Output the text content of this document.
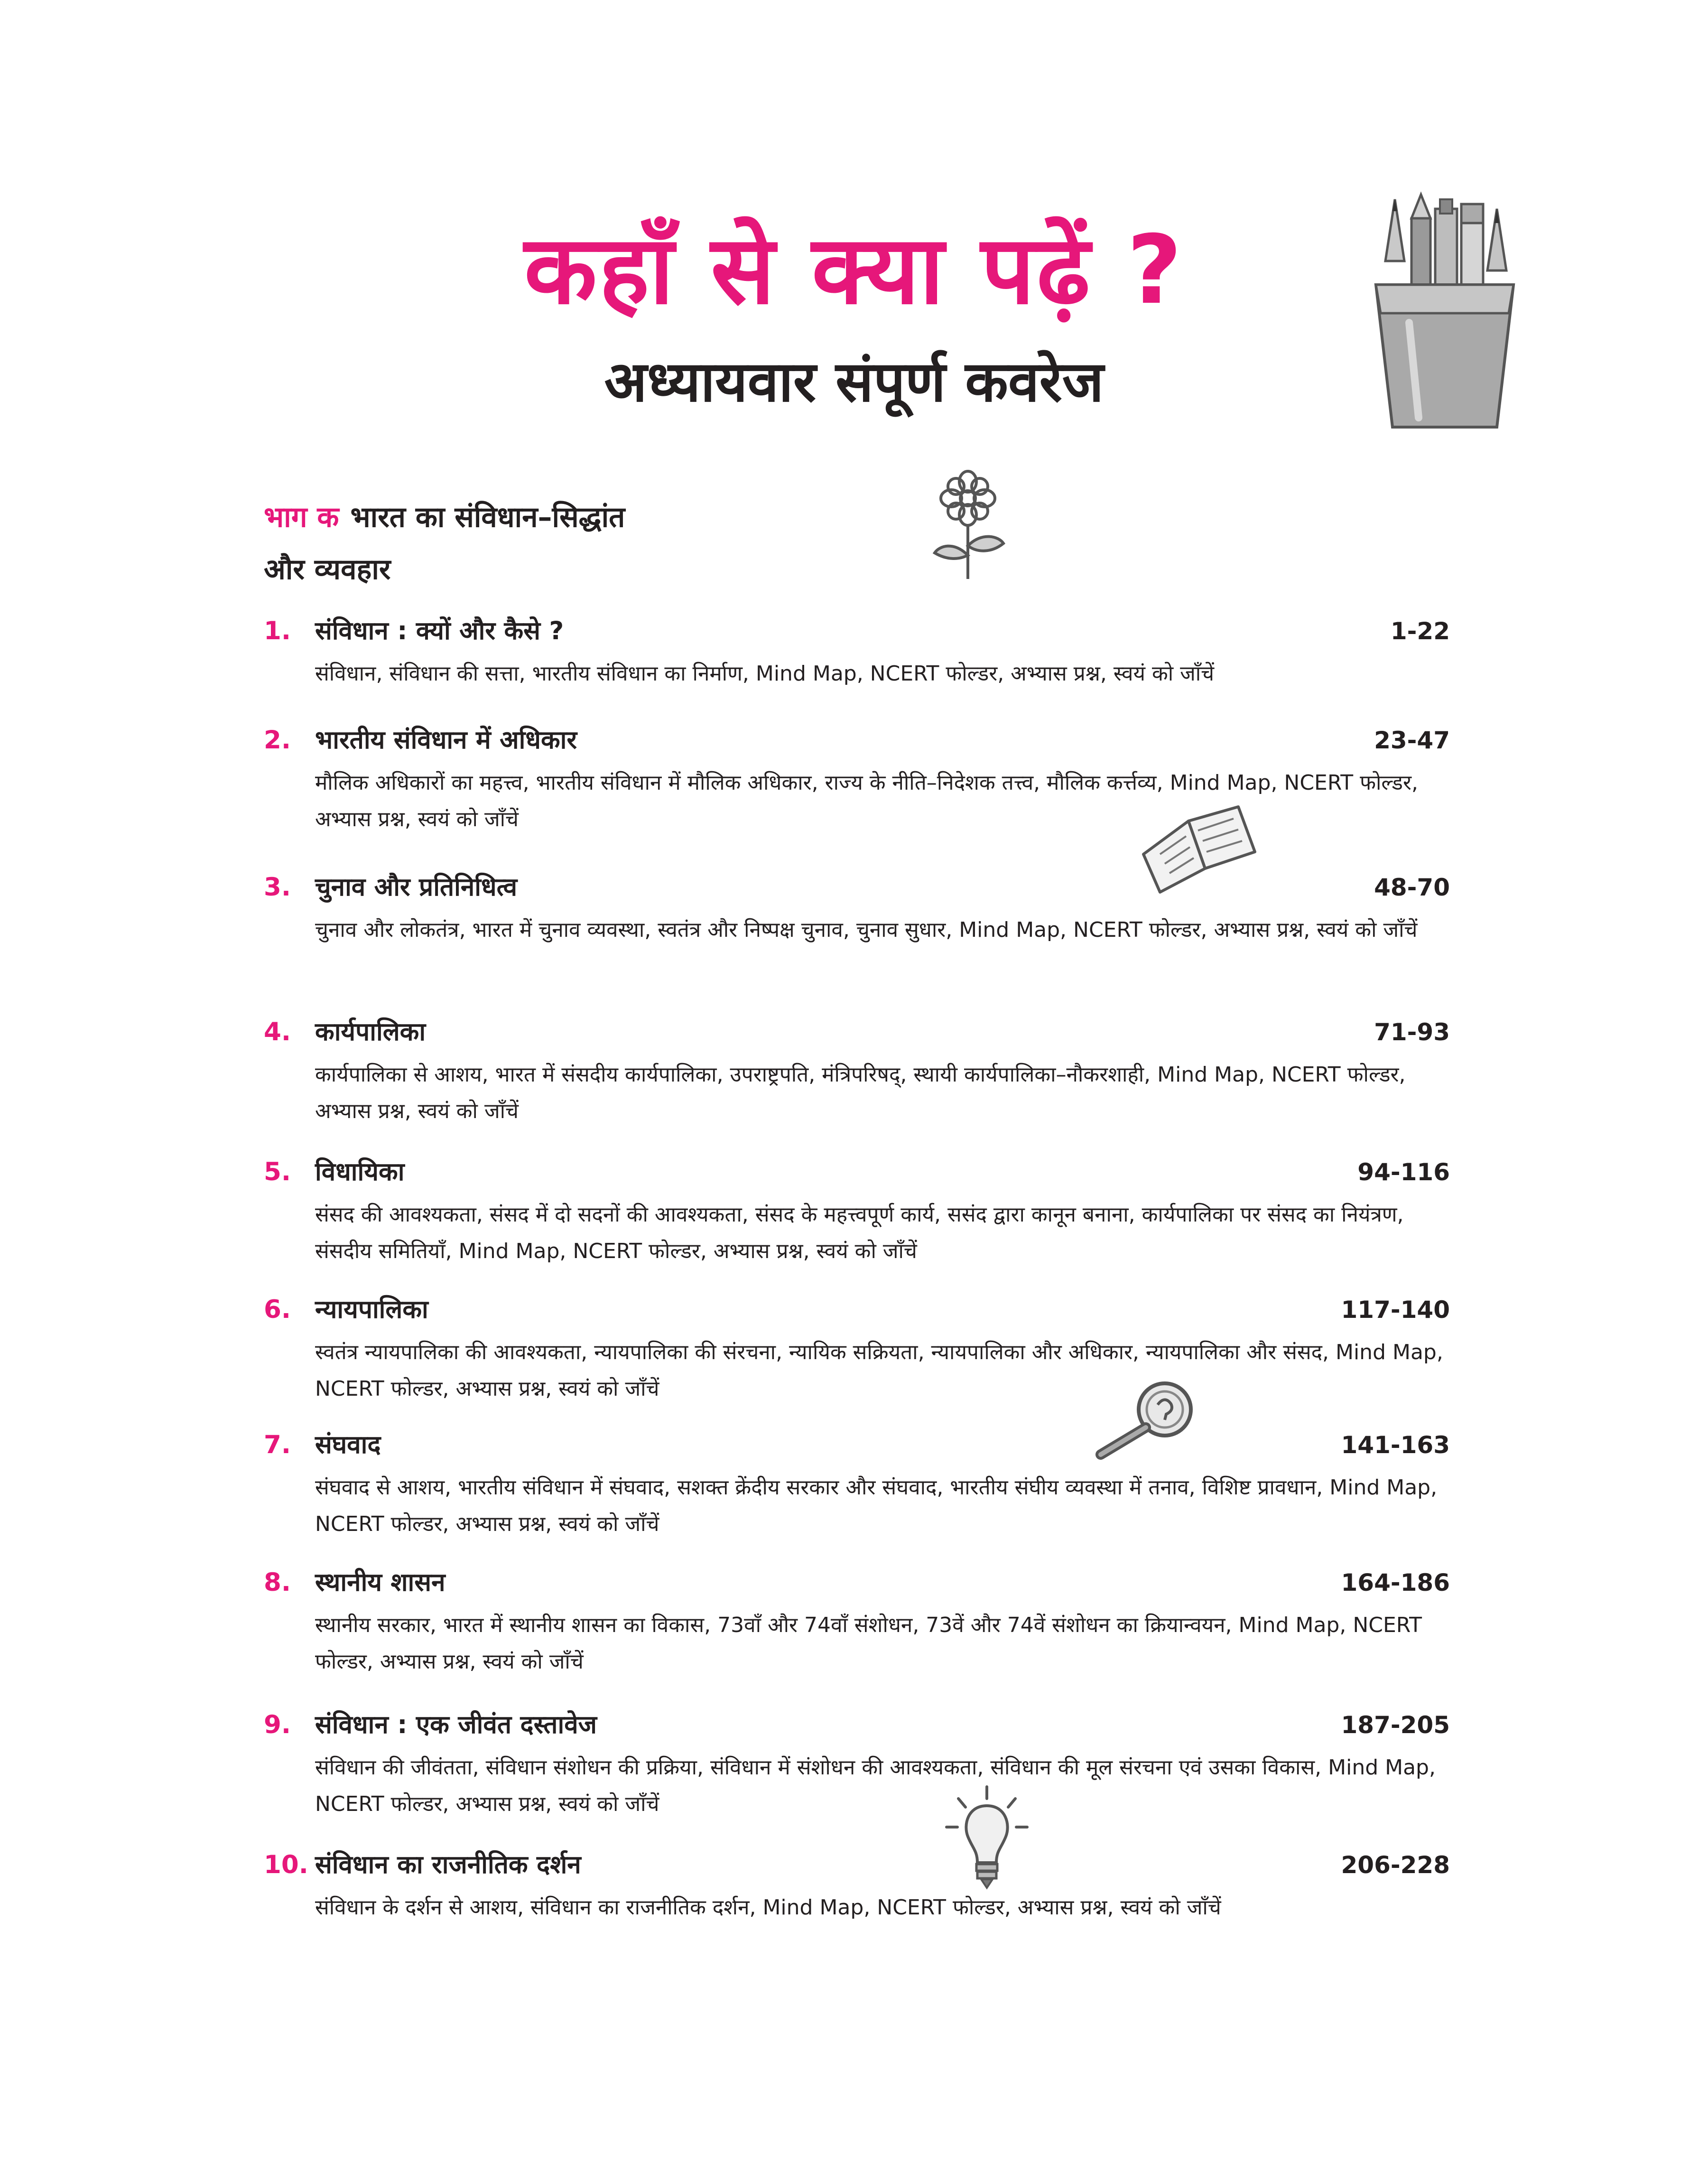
कहाँ से क्या पढ़ें ?
अध्यायवार संपूर्ण कवरेज
भाग क भारत का संविधान–सिद्धांत
और व्यवहार
1. संविधान : क्यों और कैसे ?	1-22
संविधान, संविधान की सत्ता, भारतीय संविधान का निर्माण, Mind Map, NCERT फोल्डर, अभ्यास प्रश्न, स्वयं को जाँचें
2. भारतीय संविधान में अधिकार	23-47
मौलिक अधिकारों का महत्त्व, भारतीय संविधान में मौलिक अधिकार, राज्य के नीति–निदेशक तत्त्व, मौलिक कर्त्तव्य, Mind Map, NCERT फोल्डर, अभ्यास प्रश्न, स्वयं को जाँचें
3. चुनाव और प्रतिनिधित्व	48-70
चुनाव और लोकतंत्र, भारत में चुनाव व्यवस्था, स्वतंत्र और निष्पक्ष चुनाव, चुनाव सुधार, Mind Map, NCERT फोल्डर, अभ्यास प्रश्न, स्वयं को जाँचें
4. कार्यपालिका	71-93
कार्यपालिका से आशय, भारत में संसदीय कार्यपालिका, उपराष्ट्रपति, मंत्रिपरिषद्, स्थायी कार्यपालिका–नौकरशाही, Mind Map, NCERT फोल्डर, अभ्यास प्रश्न, स्वयं को जाँचें
5. विधायिका	94-116
संसद की आवश्यकता, संसद में दो सदनों की आवश्यकता, संसद के महत्त्वपूर्ण कार्य, ससंद द्वारा कानून बनाना, कार्यपालिका पर संसद का नियंत्रण, संसदीय समितियाँ, Mind Map, NCERT फोल्डर, अभ्यास प्रश्न, स्वयं को जाँचें
6. न्यायपालिका	117-140
स्वतंत्र न्यायपालिका की आवश्यकता, न्यायपालिका की संरचना, न्यायिक सक्रियता, न्यायपालिका और अधिकार, न्यायपालिका और संसद, Mind Map, NCERT फोल्डर, अभ्यास प्रश्न, स्वयं को जाँचें
7. संघवाद	141-163
संघवाद से आशय, भारतीय संविधान में संघवाद, सशक्त क्रेंदीय सरकार और संघवाद, भारतीय संघीय व्यवस्था में तनाव, विशिष्ट प्रावधान, Mind Map, NCERT फोल्डर, अभ्यास प्रश्न, स्वयं को जाँचें
8. स्थानीय शासन	164-186
स्थानीय सरकार, भारत में स्थानीय शासन का विकास, 73वाँ और 74वाँ संशोधन, 73वें और 74वें संशोधन का क्रियान्वयन, Mind Map, NCERT फोल्डर, अभ्यास प्रश्न, स्वयं को जाँचें
9. संविधान : एक जीवंत दस्तावेज	187-205
संविधान की जीवंतता, संविधान संशोधन की प्रक्रिया, संविधान में संशोधन की आवश्यकता, संविधान की मूल संरचना एवं उसका विकास, Mind Map, NCERT फोल्डर, अभ्यास प्रश्न, स्वयं को जाँचें
10. संविधान का राजनीतिक दर्शन	206-228
संविधान के दर्शन से आशय, संविधान का राजनीतिक दर्शन, Mind Map, NCERT फोल्डर, अभ्यास प्रश्न, स्वयं को जाँचें
